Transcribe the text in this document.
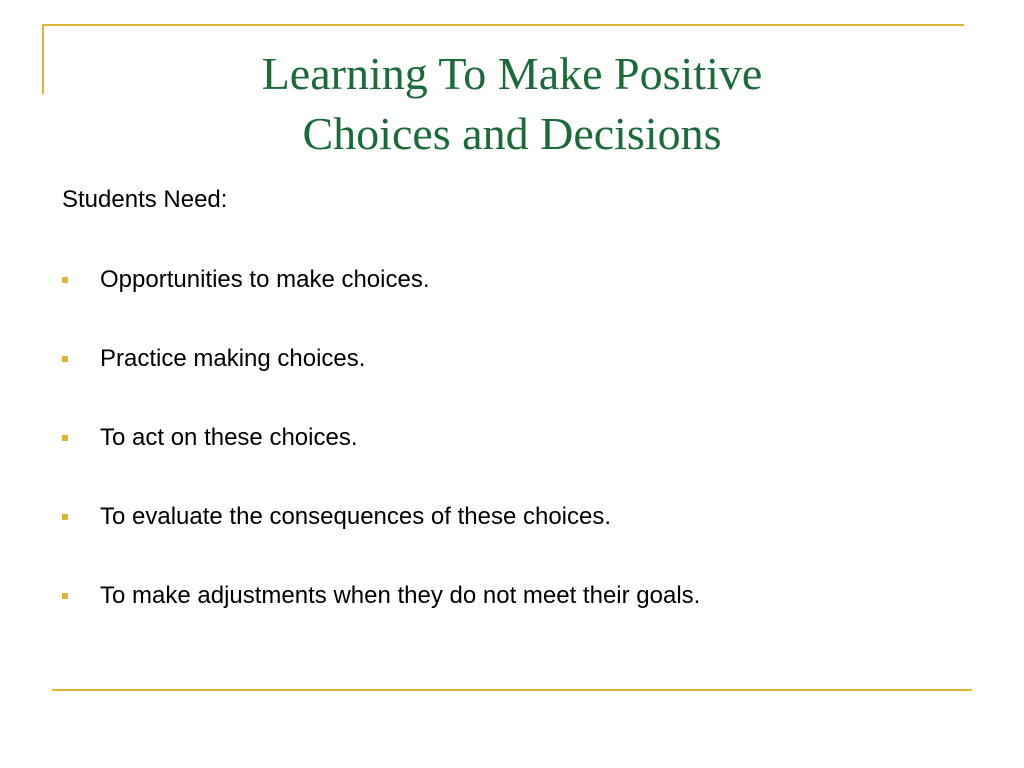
Learning To Make Positive
Choices and Decisions
Students Need:
Opportunities to make choices.
Practice making choices.
To act on these choices.
To evaluate the consequences of these choices.
To make adjustments when they do not meet their goals.
